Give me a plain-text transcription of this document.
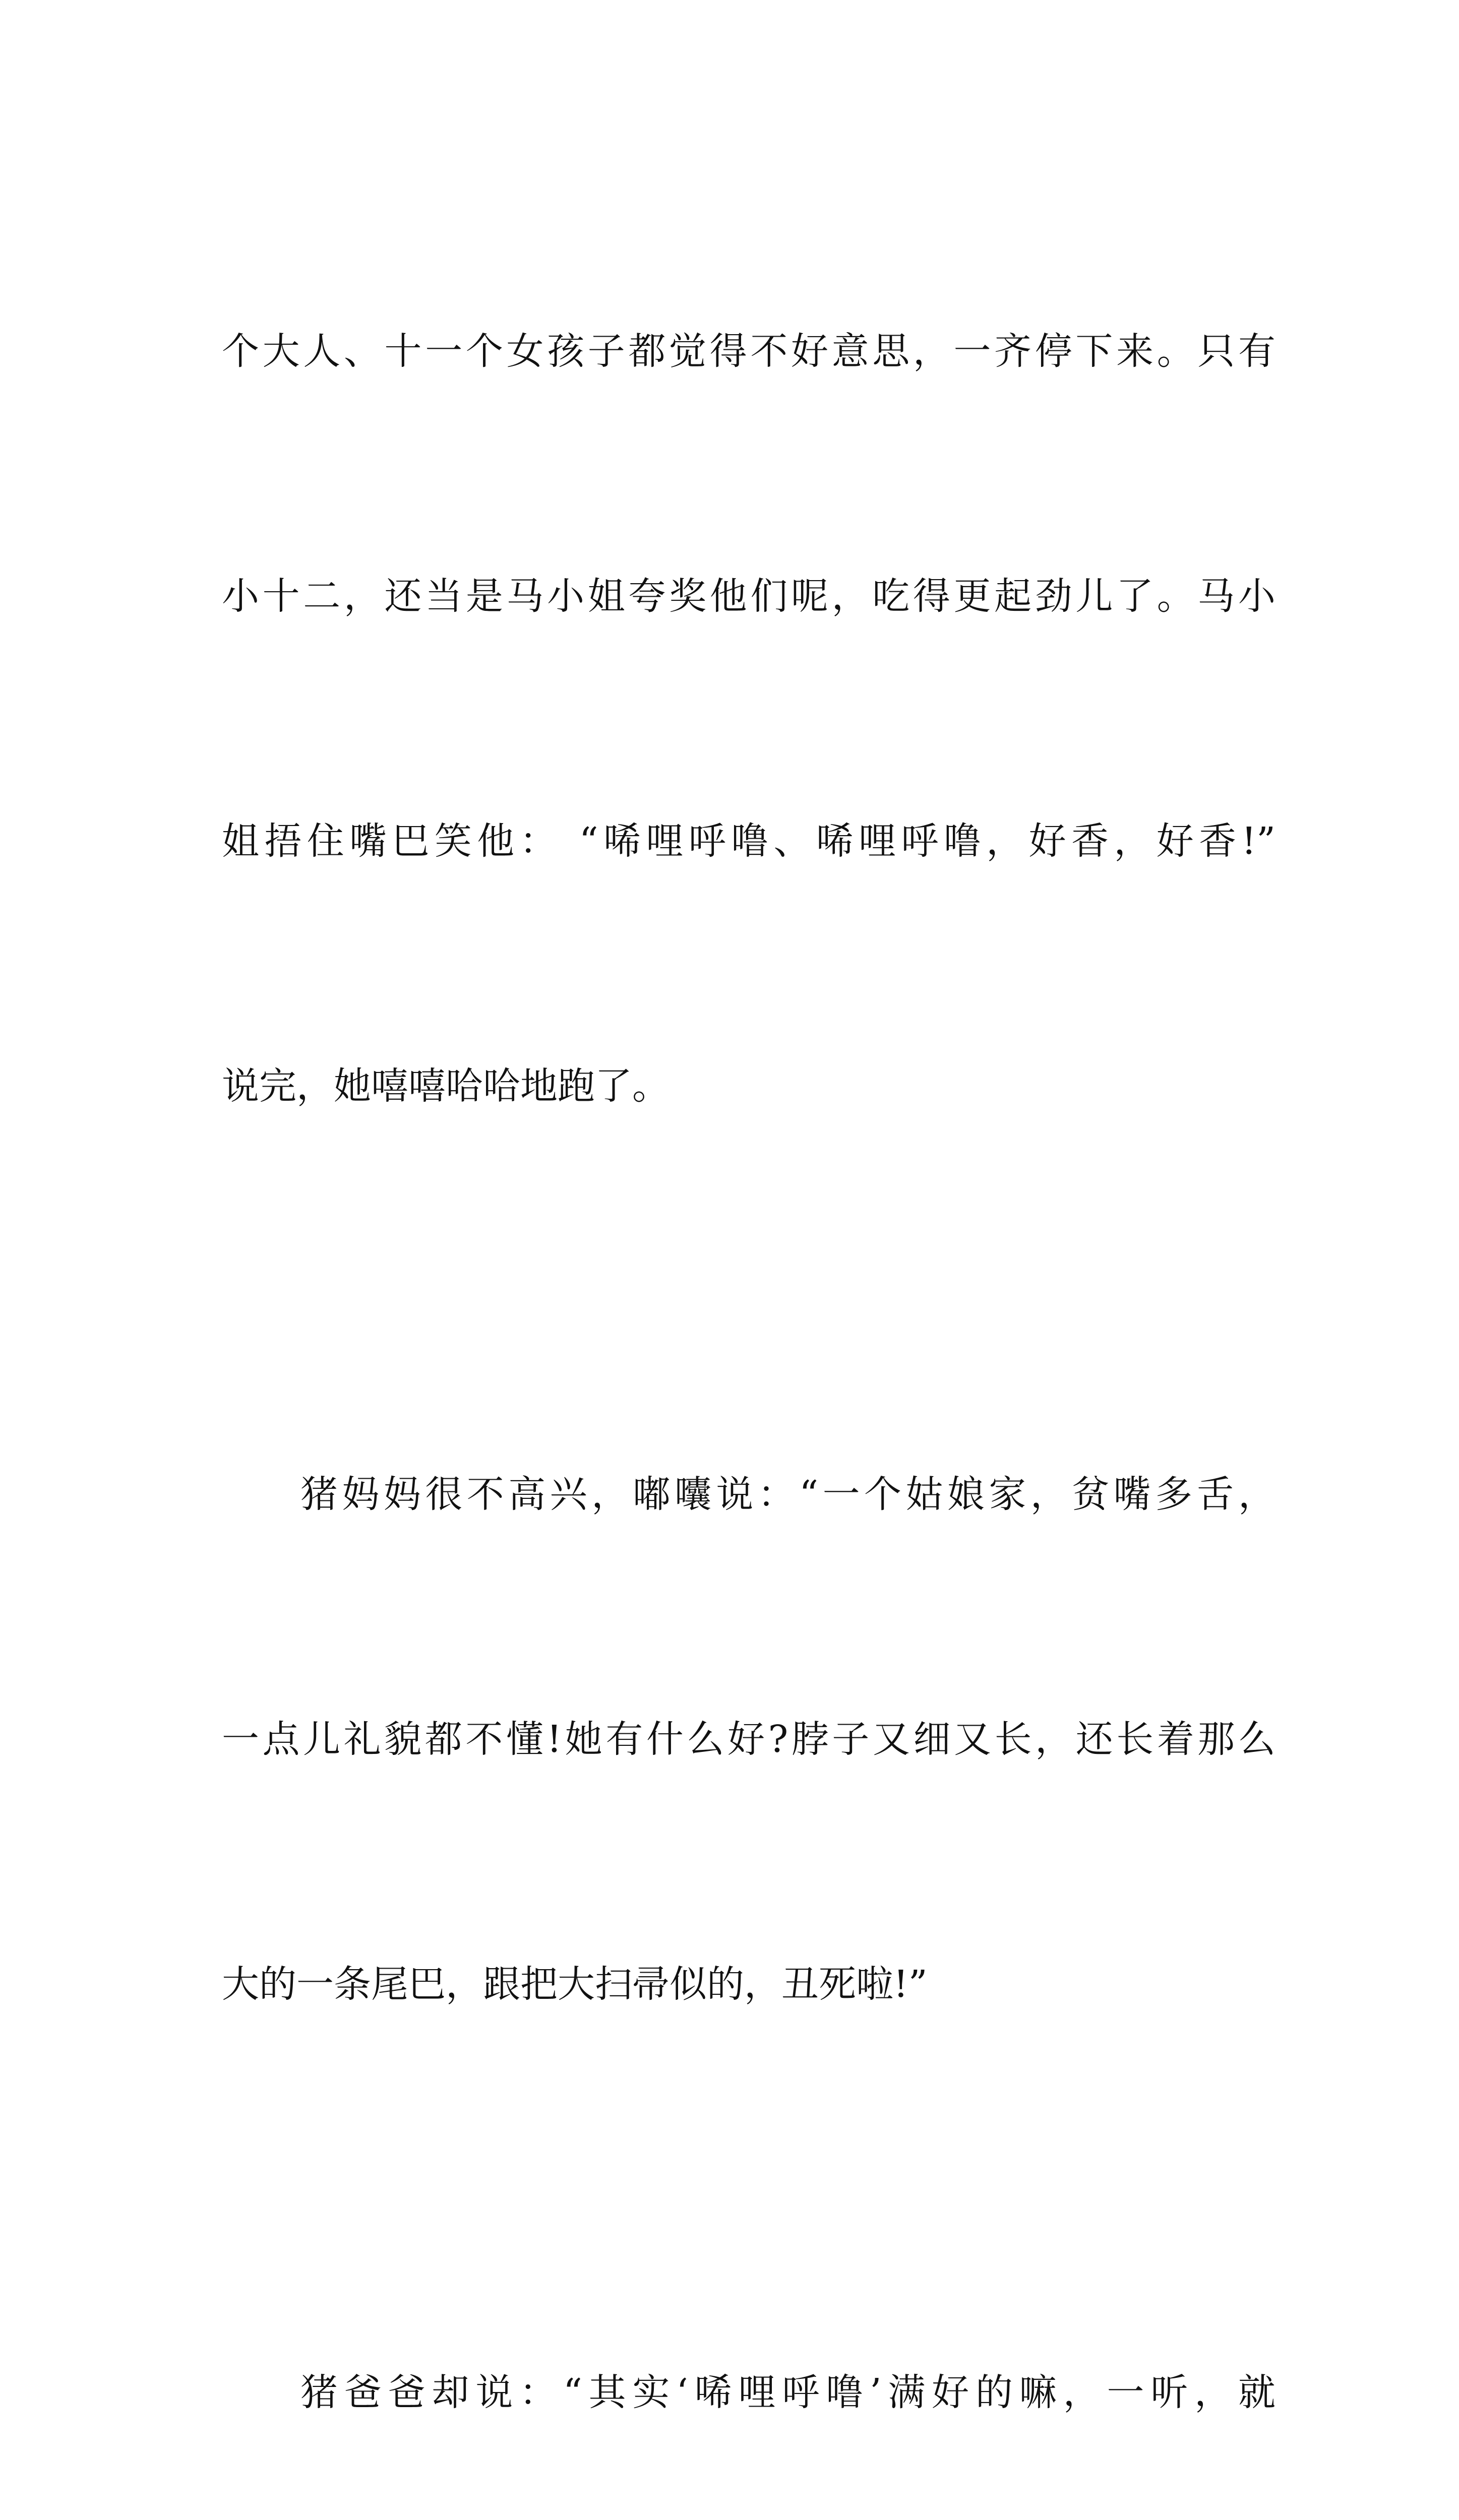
个大人、十一个女孩子都觉得不好意思，一齐停下来。只有

小十二，还当是马小姐夸奖他们呢，吃得更起劲儿了。马小

姐捂住嘴巴笑他： “唏哩呼噜、唏哩呼噜，好香，好香!”

说完，她嘻嘻哈哈地跑了。

猪妈妈很不高兴，嘟囔说：“一个姑娘家，贫嘴多舌，

一点儿礼貌都不懂!她有什么好?脖子又细又长，还长着那么

大的一条尾巴，跟把大扫帚似的，丑死啦!”

猪爸爸却说：“其实‘唏哩呼噜’满好的嘛，一听，就
